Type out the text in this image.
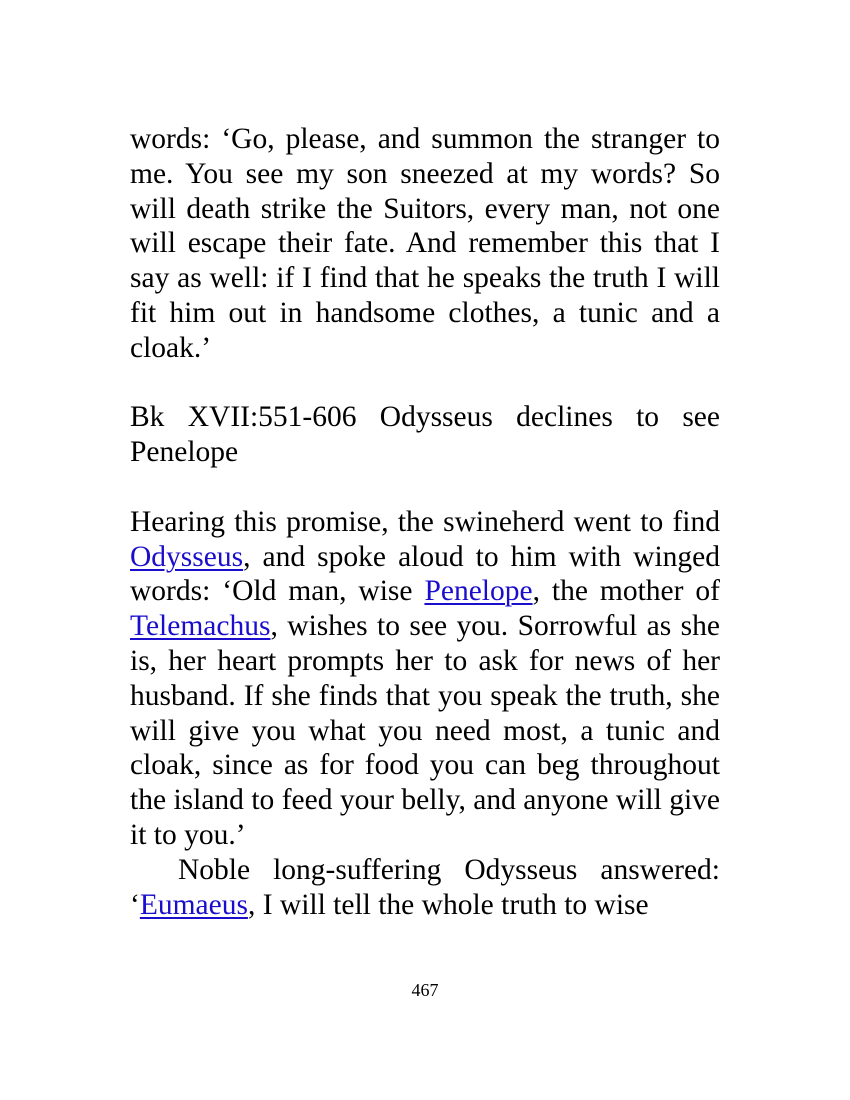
words: ‘Go, please, and summon the stranger to me. You see my son sneezed at my words? So will death strike the Suitors, every man, not one will escape their fate. And remember this that I say as well: if I find that he speaks the truth I will fit him out in handsome clothes, a tunic and a cloak.’

Bk XVII:551-606 Odysseus declines to see Penelope

Hearing this promise, the swineherd went to find Odysseus, and spoke aloud to him with winged words: ‘Old man, wise Penelope, the mother of Telemachus, wishes to see you. Sorrowful as she is, her heart prompts her to ask for news of her husband. If she finds that you speak the truth, she will give you what you need most, a tunic and cloak, since as for food you can beg throughout the island to feed your belly, and anyone will give it to you.’

Noble long-suffering Odysseus answered: ‘Eumaeus, I will tell the whole truth to wise

467
